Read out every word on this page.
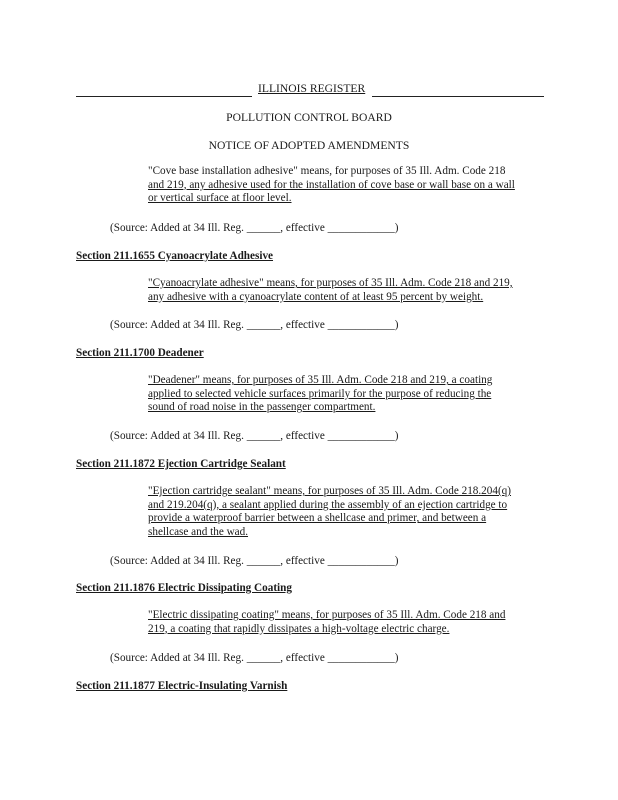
ILLINOIS REGISTER
POLLUTION CONTROL BOARD
NOTICE OF ADOPTED AMENDMENTS
"Cove base installation adhesive" means, for purposes of 35 Ill. Adm. Code 218
and 219, any adhesive used for the installation of cove base or wall base on a wall
or vertical surface at floor level.
(Source: Added at 34 Ill. Reg. ______, effective ____________)
Section 211.1655 Cyanoacrylate Adhesive
"Cyanoacrylate adhesive" means, for purposes of 35 Ill. Adm. Code 218 and 219,
any adhesive with a cyanoacrylate content of at least 95 percent by weight.
(Source: Added at 34 Ill. Reg. ______, effective ____________)
Section 211.1700 Deadener
"Deadener" means, for purposes of 35 Ill. Adm. Code 218 and 219, a coating
applied to selected vehicle surfaces primarily for the purpose of reducing the
sound of road noise in the passenger compartment.
(Source: Added at 34 Ill. Reg. ______, effective ____________)
Section 211.1872 Ejection Cartridge Sealant
"Ejection cartridge sealant" means, for purposes of 35 Ill. Adm. Code 218.204(q)
and 219.204(q), a sealant applied during the assembly of an ejection cartridge to
provide a waterproof barrier between a shellcase and primer, and between a
shellcase and the wad.
(Source: Added at 34 Ill. Reg. ______, effective ____________)
Section 211.1876 Electric Dissipating Coating
"Electric dissipating coating" means, for purposes of 35 Ill. Adm. Code 218 and
219, a coating that rapidly dissipates a high-voltage electric charge.
(Source: Added at 34 Ill. Reg. ______, effective ____________)
Section 211.1877 Electric-Insulating Varnish
